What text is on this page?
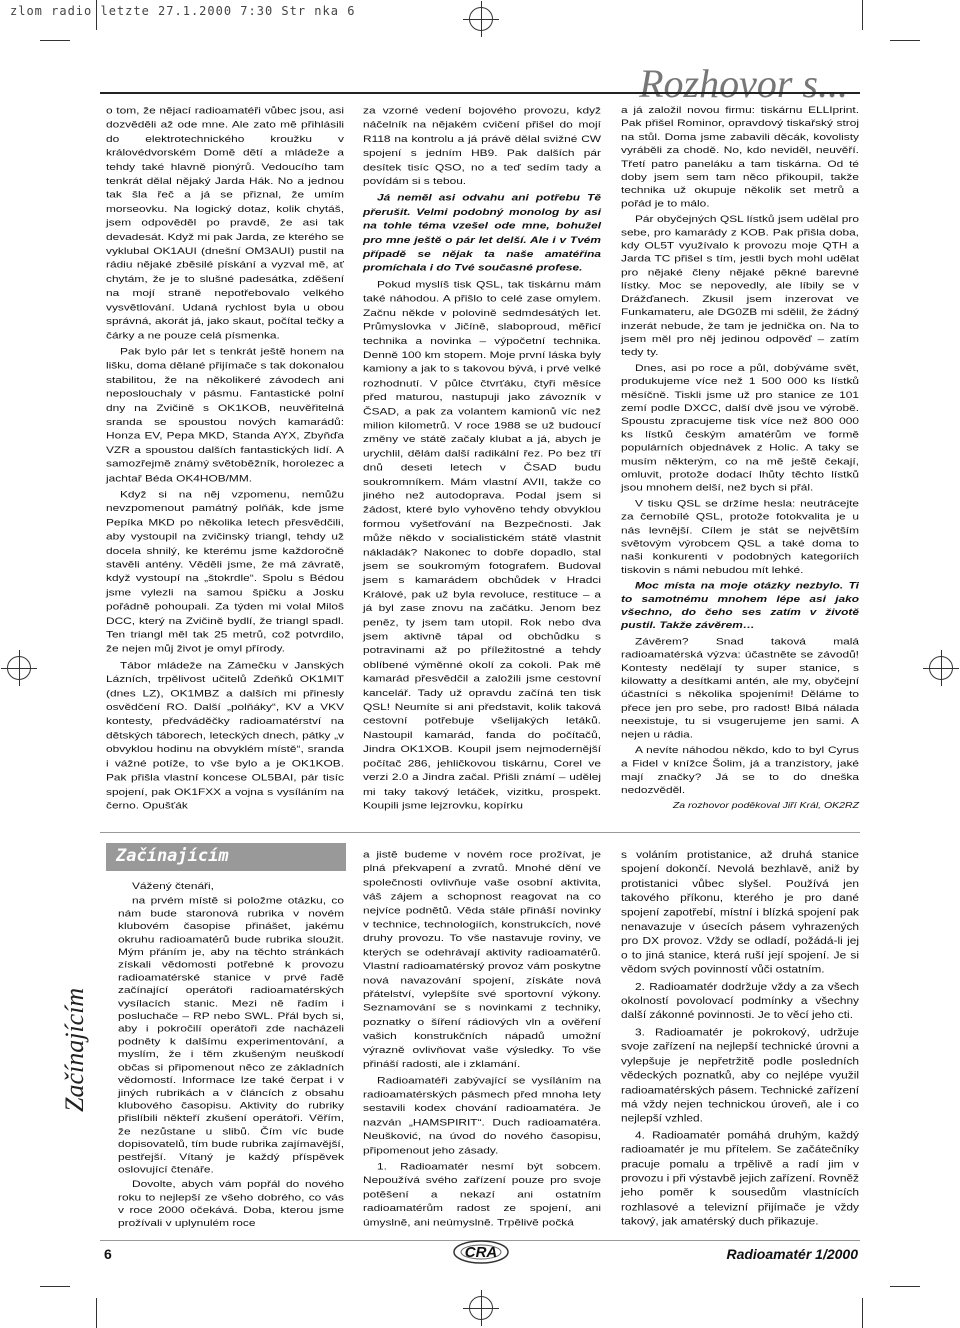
zlom radio letzte 27.1.2000 7:30 Str nka 6
Rozhovor s...

o tom, že nějací radioamatéři vůbec jsou, asi dozvěděli až ode mne. Ale zato mě přihlásili do elektrotechnického kroužku v královédvorském Domě dětí a mládeže a tehdy také hlavně pionýrů. Vedoucího tam tenkrát dělal nějaký Jarda Hák. No a jednou tak šla řeč a já se přiznal, že umím morseovku. Na logický dotaz, kolik chytáš, jsem odpověděl po pravdě, že asi tak devadesát. Když mi pak Jarda, ze kterého se vyklubal OK1AUI (dnešní OM3AUI) pustil na rádiu nějaké zběsilé pískání a vyzval mě, ať chytám, že je to slušné padesátka, zděšení na mojí straně nepotřebovalo velkého vysvětlování. Udaná rychlost byla u obou správná, akorát já, jako skaut, počítal tečky a čárky a ne pouze celá písmenka.

Pak bylo pár let s tenkrát ještě honem na lišku, doma dělané přijímače s tak dokonalou stabilitou, že na několikeré závodech ani neposlouchaly v pásmu. Fantastické polní dny na Zvičině s OK1KOB, neuvěřitelná sranda se spoustou nových kamarádů: Honza EV, Pepa MKD, Standa AYX, Zbyňďa VZR a spoustou dalších fantastických lidí. A samozřejmě známý světoběžník, horolezec a jachtař Béda OK4HOB/MM.

Když si na něj vzpomenu, nemůžu nevzpomenout památný polňák, kde jsme Pepíka MKD po několika letech přesvědčili, aby vystoupil na zvičinský triangl, tehdy už docela shnilý, ke kterému jsme každoročně stavěli antény. Věděli jsme, že má závratě, když vystoupí na „štokrdle“. Spolu s Bédou jsme vylezli na samou špičku a Josku pořádně pohoupali. Za týden mi volal Miloš DCC, který na Zvičině bydlí, že triangl spadl. Ten triangl měl tak 25 metrů, což potvrdilo, že nejen můj život je omyl přírody.

Tábor mládeže na Zámečku v Janských Lázních, trpělivost učitelů Zdeňků OK1MIT (dnes LZ), OK1MBZ a dalších mi přinesly osvědčení RO. Další „polňáky“, KV a VKV kontesty, předváděčky radioamatérství na dětských táborech, leteckých dnech, pátky „v obvyklou hodinu na obvyklém místě“, sranda i vážné potíže, to vše bylo a je OK1KOB. Pak přišla vlastní koncese OL5BAI, pár tisíc spojení, pak OK1FXX a vojna s vysíláním na černo. Opušťák

za vzorné vedení bojového provozu, když náčelník na nějakém cvičení přišel do mojí R118 na kontrolu a já právě dělal svižné CW spojení s jedním HB9. Pak dalších pár desítek tisíc QSO, no a teď sedím tady a povídám si s tebou.

Já neměl asi odvahu ani potřebu Tě přerušit. Velmi podobný monolog by asi na tohle téma vzešel ode mne, bohužel pro mne ještě o pár let delší. Ale i v Tvém případě se nějak ta naše amatéřina promíchala i do Tvé současné profese.

Pokud myslíš tisk QSL, tak tiskárnu mám také náhodou. A přišlo to celé zase omylem. Začnu někde v polovině sedmdesátých let. Průmyslovka v Jičíně, slaboproud, měřicí technika a novinka – výpočetní technika. Denně 100 km stopem. Moje první láska byly kamiony a jak to s takovou bývá, i prvé velké rozhodnutí. V půlce čtvrťáku, čtyři měsíce před maturou, nastupuji jako závozník v ČSAD, a pak za volantem kamionů víc než milion kilometrů. V roce 1988 se už budoucí změny ve státě začaly klubat a já, abych je urychlil, dělám další radikální řez. Po bez tří dnů deseti letech v ČSAD budu soukromníkem. Mám vlastní AVII, takže co jiného než autodoprava. Podal jsem si žádost, které bylo vyhověno tehdy obvyklou formou vyšetřování na Bezpečnosti. Jak může někdo v socialistickém státě vlastnit nákladák? Nakonec to dobře dopadlo, stal jsem se soukromým fotografem. Budoval jsem s kamarádem obchůdek v Hradci Králové, pak už byla revoluce, restituce – a já byl zase znovu na začátku. Jenom bez peněz, ty jsem tam utopil. Rok nebo dva jsem aktivně tápal od obchůdku s potravinami až po příležitostné a tehdy oblíbené výměnné okolí za cokoli. Pak mě kamarád přesvědčil a založili jsme cestovní kancelář. Tady už opravdu začíná ten tisk QSL! Neumíte si ani představit, kolik taková cestovní potřebuje všelijakých letáků. Nastoupil kamarád, fanda do počítačů, Jindra OK1XOB. Koupil jsem nejmodernější počítač 286, jehličkovou tiskárnu, Corel ve verzi 2.0 a Jindra začal. Přišli známí – udělej mi taky takový letáček, vizitku, prospekt. Koupili jsme lejzrovku, kopírku

a já založil novou firmu: tiskárnu ELLIprint. Pak přišel Rominor, opravdový tiskařský stroj na stůl. Doma jsme zabavili děcák, kovolisty vyráběli za chodě. No, kdo neviděl, neuvěří. Třetí patro paneláku a tam tiskárna. Od té doby jsem sem tam něco přikoupil, takže technika už okupuje několik set metrů a pořád je to málo.

Pár obyčejných QSL lístků jsem udělal pro sebe, pro kamarády z KOB. Pak přišla doba, kdy OL5T využívalo k provozu moje QTH a Jarda TC přišel s tím, jestli bych mohl udělat pro nějaké členy nějaké pěkné barevné lístky. Moc se nepovedly, ale líbily se v Drážďanech. Zkusil jsem inzerovat ve Funkamateru, ale DG0ZB mi sdělil, že žádný inzerát nebude, že tam je jednička on. Na to jsem měl pro něj jedinou odpověď – zatím tedy ty.

Dnes, asi po roce a půl, dobýváme svět, produkujeme více než 1 500 000 ks lístků měsíčně. Tiskli jsme už pro stanice ze 101 zemí podle DXCC, další dvě jsou ve výrobě. Spoustu zpracujeme tisk více než 800 000 ks lístků českým amatérům ve formě populárních objednávek z Holic. A taky se musím některým, co na mě ještě čekají, omluvit, protože dodací lhůty těchto lístků jsou mnohem delší, než bych si přál.

V tisku QSL se držíme hesla: neutrácejte za černobílé QSL, protože fotokvalita je u nás levnější. Cílem je stát se největším světovým výrobcem QSL a také doma to naši konkurenti v podobných kategoriích tiskovin s námi nebudou mít lehké.

Moc místa na moje otázky nezbylo. Ti to samotnému mnohem lépe asi jako všechno, do čeho ses zatím v životě pustil. Takže závěrem…

Závěrem? Snad taková malá radioamatérská výzva: účastněte se závodů! Kontesty nedělají ty super stanice, s kilowatty a desítkami antén, ale my, obyčejní účastníci s několika spojeními! Děláme to přece jen pro sebe, pro radost! Blbá nálada neexistuje, tu si vsugerujeme jen sami. A nejen u rádia.

A nevíte náhodou někdo, kdo to byl Cyrus a Fidel v knížce Šolim, já a tranzistory, jaké mají značky? Já se to do dneška nedozvěděl.

Za rozhovor poděkoval Jiří Král, OK2RZ

Začínajícím
Začínajícím

Vážený čtenáři,

na prvém místě si položme otázku, co nám bude staronová rubrika v novém klubovém časopise přinášet, jakému okruhu radioamatérů bude rubrika sloužit. Mým přáním je, aby na těchto stránkách získali vědomosti potřebné k provozu radioamatérské stanice v prvé řadě začínající operátoři radioamatérských vysílacích stanic. Mezi ně řadím i posluchače – RP nebo SWL. Přál bych si, aby i pokročilí operátoři zde nacházeli podněty k dalšímu experimentování, a myslím, že i těm zkušeným neuškodí občas si připomenout něco ze základních vědomostí. Informace lze také čerpat i v jiných rubrikách a v článcích z obsahu klubového časopisu. Aktivity do rubriky přislíbili někteří zkušení operátoři. Věřím, že nezůstane u slibů. Čím víc bude dopisovatelů, tím bude rubrika zajímavější, pestřejší. Vítaný je každý příspěvek oslovující čtenáře.

Dovolte, abych vám popřál do nového roku to nejlepší ze všeho dobrého, co vás v roce 2000 očekává. Doba, kterou jsme prožívali v uplynulém roce

a jistě budeme v novém roce prožívat, je plná překvapení a zvratů. Mnohé dění ve společnosti ovlivňuje vaše osobní aktivita, váš zájem a schopnost reagovat na co nejvíce podnětů. Věda stále přináší novinky v technice, technologiích, konstrukcích, nové druhy provozu. To vše nastavuje roviny, ve kterých se odehrávají aktivity radioamatérů. Vlastní radioamatérský provoz vám poskytne nová navazování spojení, získáte nová přátelství, vylepšíte své sportovní výkony. Seznamování se s novinkami z techniky, poznatky o šíření rádiových vln a ověření vašich konstrukčních nápadů umožní výrazně ovlivňovat vaše výsledky. To vše přináší radosti, ale i zklamání.

Radioamatéři zabývající se vysíláním na radioamatérských pásmech před mnoha lety sestavili kodex chování radioamatéra. Je nazván „HAMSPIRIT“. Duch radioamatéra. Neušković, na úvod do nového časopisu, připomenout jeho zásady.

1. Radioamatér nesmí být sobcem. Nepoužívá svého zařízení pouze pro svoje potěšení a nekazí ani ostatním radioamatérům radost ze spojení, ani úmyslně, ani neúmyslně. Trpělivě počká

s voláním protistanice, až druhá stanice spojení dokončí. Nevolá bezhlavě, aniž by protistanici vůbec slyšel. Používá jen takového příkonu, kterého je pro dané spojení zapotřebí, místní i blízká spojení pak nenavazuje v úsecích pásem vyhrazených pro DX provoz. Vždy se odladí, požádá-li jej o to jiná stanice, která ruší její spojení. Je si vědom svých povinností vůči ostatním.

2. Radioamatér dodržuje vždy a za všech okolností povolovací podmínky a všechny další zákonné povinnosti. Je to věcí jeho cti.

3. Radioamatér je pokrokový, udržuje svoje zařízení na nejlepší technické úrovni a vylepšuje je nepřetržitě podle posledních vědeckých poznatků, aby co nejlépe využil radioamatérských pásem. Technické zařízení má vždy nejen technickou úroveň, ale i co nejlepší vzhled.

4. Radioamatér pomáhá druhým, každý radioamatér je mu přítelem. Se začátečníky pracuje pomalu a trpělivě a radí jim v provozu i při výstavbě jejich zařízení. Rovněž jeho poměr k sousedům vlastnících rozhlasové a televizní přijímače je vždy takový, jak amatérský duch přikazuje.

6	CRA	Radioamatér 1/2000
